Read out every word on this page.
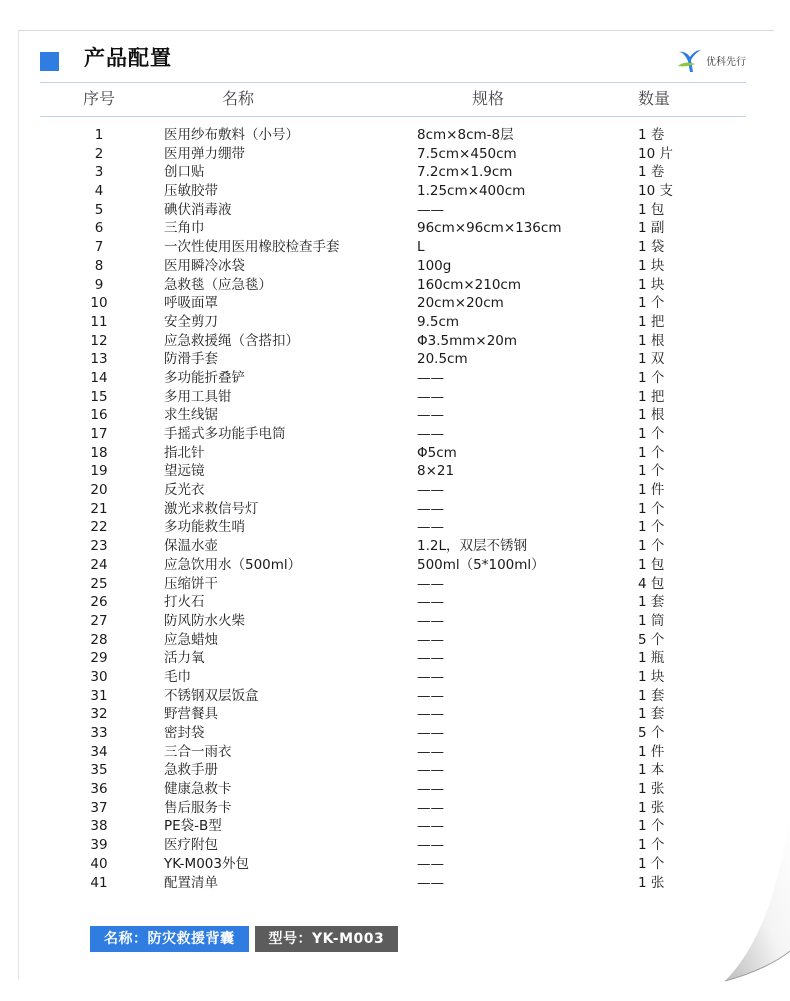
产品配置	优科先行
序号	名称	规格	数量
1	医用纱布敷料（小号）	8cm×8cm-8层	1 卷
2	医用弹力绷带	7.5cm×450cm	10 片
3	创口贴	7.2cm×1.9cm	1 卷
4	压敏胶带	1.25cm×400cm	10 支
5	碘伏消毒液	——	1 包
6	三角巾	96cm×96cm×136cm	1 副
7	一次性使用医用橡胶检查手套	L	1 袋
8	医用瞬冷冰袋	100g	1 块
9	急救毯（应急毯）	160cm×210cm	1 块
10	呼吸面罩	20cm×20cm	1 个
11	安全剪刀	9.5cm	1 把
12	应急救援绳（含搭扣）	Φ3.5mm×20m	1 根
13	防滑手套	20.5cm	1 双
14	多功能折叠铲	——	1 个
15	多用工具钳	——	1 把
16	求生线锯	——	1 根
17	手摇式多功能手电筒	——	1 个
18	指北针	Φ5cm	1 个
19	望远镜	8×21	1 个
20	反光衣	——	1 件
21	激光求救信号灯	——	1 个
22	多功能救生哨	——	1 个
23	保温水壶	1.2L，双层不锈钢	1 个
24	应急饮用水（500ml）	500ml（5*100ml）	1 包
25	压缩饼干	——	4 包
26	打火石	——	1 套
27	防风防水火柴	——	1 筒
28	应急蜡烛	——	5 个
29	活力氧	——	1 瓶
30	毛巾	——	1 块
31	不锈钢双层饭盒	——	1 套
32	野营餐具	——	1 套
33	密封袋	——	5 个
34	三合一雨衣	——	1 件
35	急救手册	——	1 本
36	健康急救卡	——	1 张
37	售后服务卡	——	1 张
38	PE袋-B型	——	1 个
39	医疗附包	——	1 个
40	YK-M003外包	——	1 个
41	配置清单	——	1 张
名称：防灾救援背囊	型号：YK-M003
